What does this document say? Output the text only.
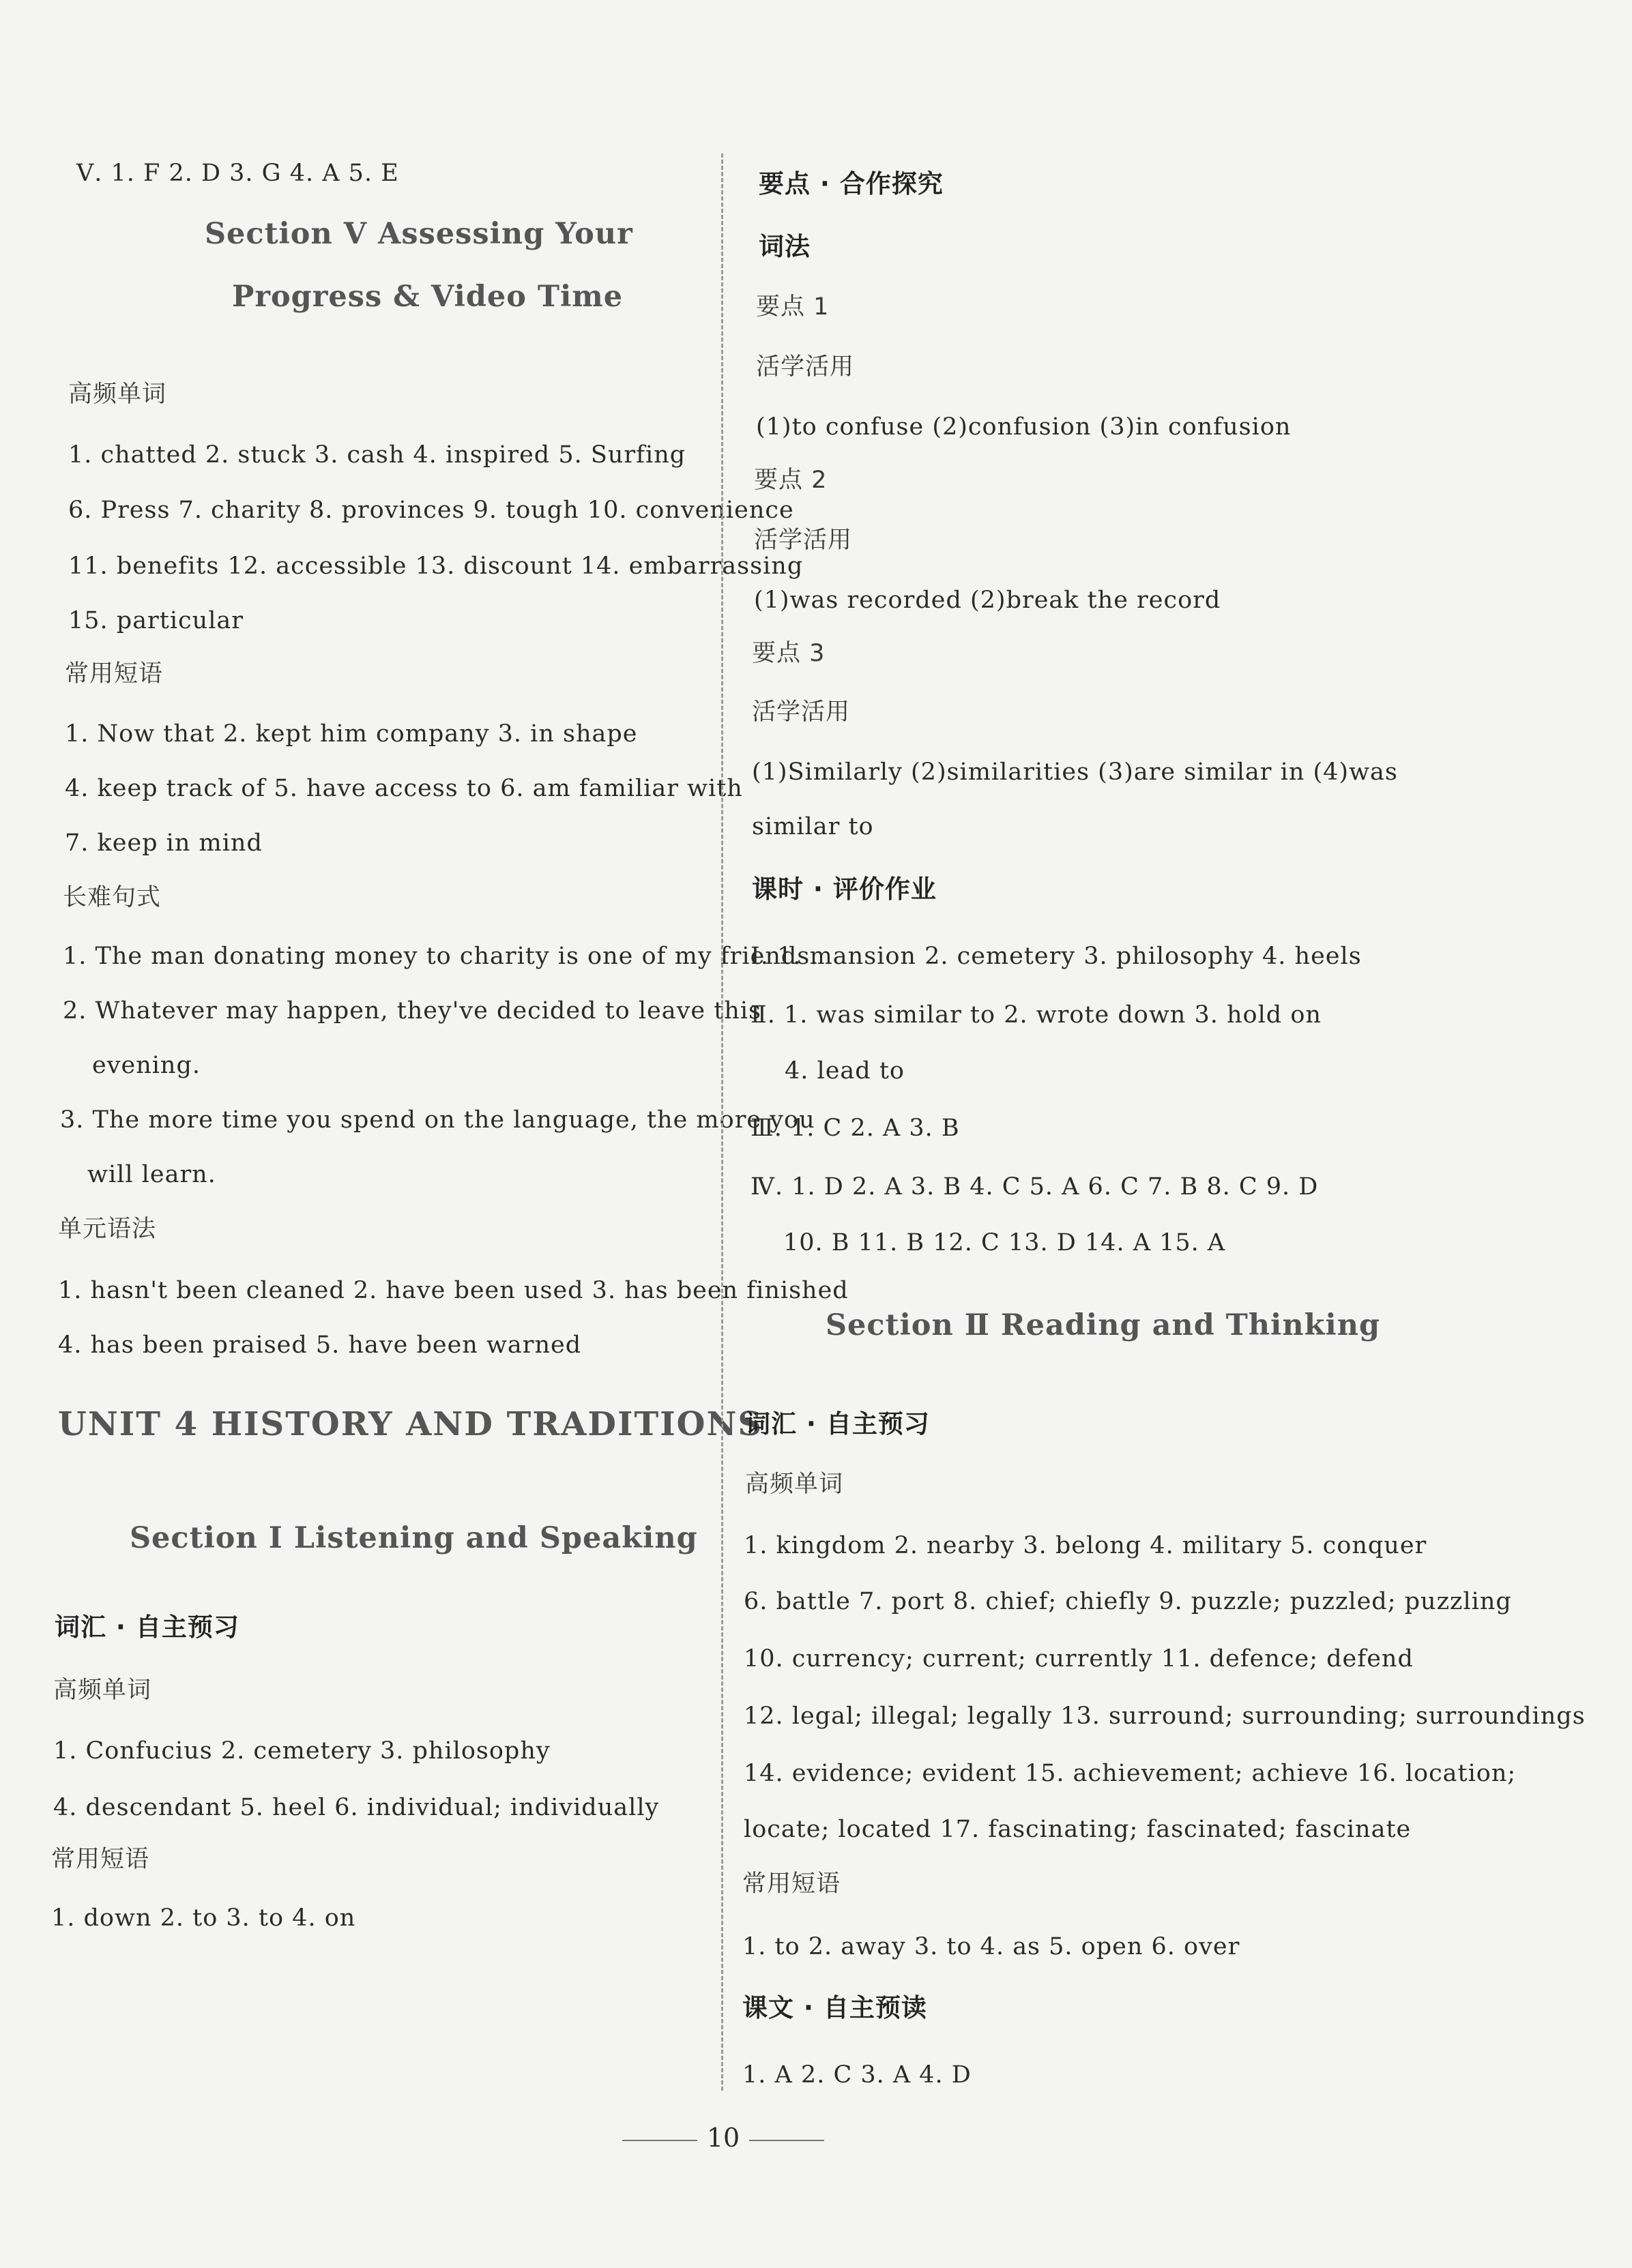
Ⅴ. 1. F 2. D 3. G 4. A 5. E
Section Ⅴ Assessing Your
Progress & Video Time
高频单词
1. chatted 2. stuck 3. cash 4. inspired 5. Surfing
6. Press 7. charity 8. provinces 9. tough 10. convenience
11. benefits 12. accessible 13. discount 14. embarrassing
15. particular
常用短语
1. Now that 2. kept him company 3. in shape
4. keep track of 5. have access to 6. am familiar with
7. keep in mind
长难句式
1. The man donating money to charity is one of my friends.
2. Whatever may happen, they've decided to leave this
evening.
3. The more time you spend on the language, the more you
will learn.
单元语法
1. hasn't been cleaned 2. have been used 3. has been finished
4. has been praised 5. have been warned
UNIT 4 HISTORY AND TRADITIONS
Section Ⅰ Listening and Speaking
词汇 · 自主预习
高频单词
1. Confucius 2. cemetery 3. philosophy
4. descendant 5. heel 6. individual; individually
常用短语
1. down 2. to 3. to 4. on
要点 · 合作探究
词法
要点 1
活学活用
(1)to confuse (2)confusion (3)in confusion
要点 2
活学活用
(1)was recorded (2)break the record
要点 3
活学活用
(1)Similarly (2)similarities (3)are similar in (4)was
similar to
课时 · 评价作业
Ⅰ. 1. mansion 2. cemetery 3. philosophy 4. heels
Ⅱ. 1. was similar to 2. wrote down 3. hold on
4. lead to
Ⅲ. 1. C 2. A 3. B
Ⅳ. 1. D 2. A 3. B 4. C 5. A 6. C 7. B 8. C 9. D
10. B 11. B 12. C 13. D 14. A 15. A
Section Ⅱ Reading and Thinking
词汇 · 自主预习
高频单词
1. kingdom 2. nearby 3. belong 4. military 5. conquer
6. battle 7. port 8. chief; chiefly 9. puzzle; puzzled; puzzling
10. currency; current; currently 11. defence; defend
12. legal; illegal; legally 13. surround; surrounding; surroundings
14. evidence; evident 15. achievement; achieve 16. location;
locate; located 17. fascinating; fascinated; fascinate
常用短语
1. to 2. away 3. to 4. as 5. open 6. over
课文 · 自主预读
1. A 2. C 3. A 4. D
10
